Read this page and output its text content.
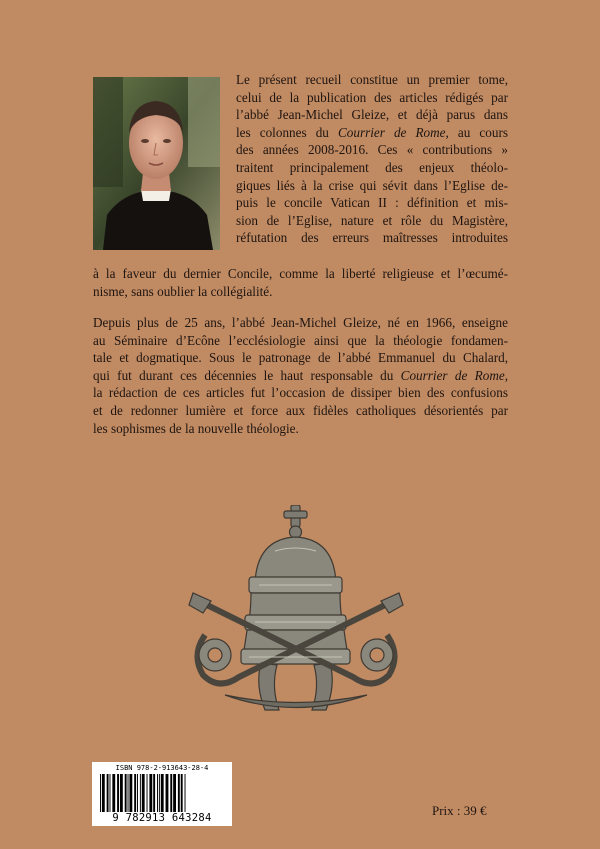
Le présent recueil constitue un premier tome,
celui de la publication des articles rédigés par
l’abbé Jean-Michel Gleize, et déjà parus dans
les colonnes du Courrier de Rome, au cours
des années 2008-2016. Ces « contributions »
traitent principalement des enjeux théolo-
giques liés à la crise qui sévit dans l’Eglise de-
puis le concile Vatican II : définition et mis-
sion de l’Eglise, nature et rôle du Magistère,
réfutation des erreurs maîtresses introduites
à la faveur du dernier Concile, comme la liberté religieuse et l’œcumé-
nisme, sans oublier la collégialité.
Depuis plus de 25 ans, l’abbé Jean-Michel Gleize, né en 1966, enseigne
au Séminaire d’Ecône l’ecclésiologie ainsi que la théologie fondamen-
tale et dogmatique. Sous le patronage de l’abbé Emmanuel du Chalard,
qui fut durant ces décennies le haut responsable du Courrier de Rome,
la rédaction de ces articles fut l’occasion de dissiper bien des confusions
et de redonner lumière et force aux fidèles catholiques désorientés par
les sophismes de la nouvelle théologie.
ISBN 978-2-913643-28-4
9 782913 643284	Prix : 39 €
